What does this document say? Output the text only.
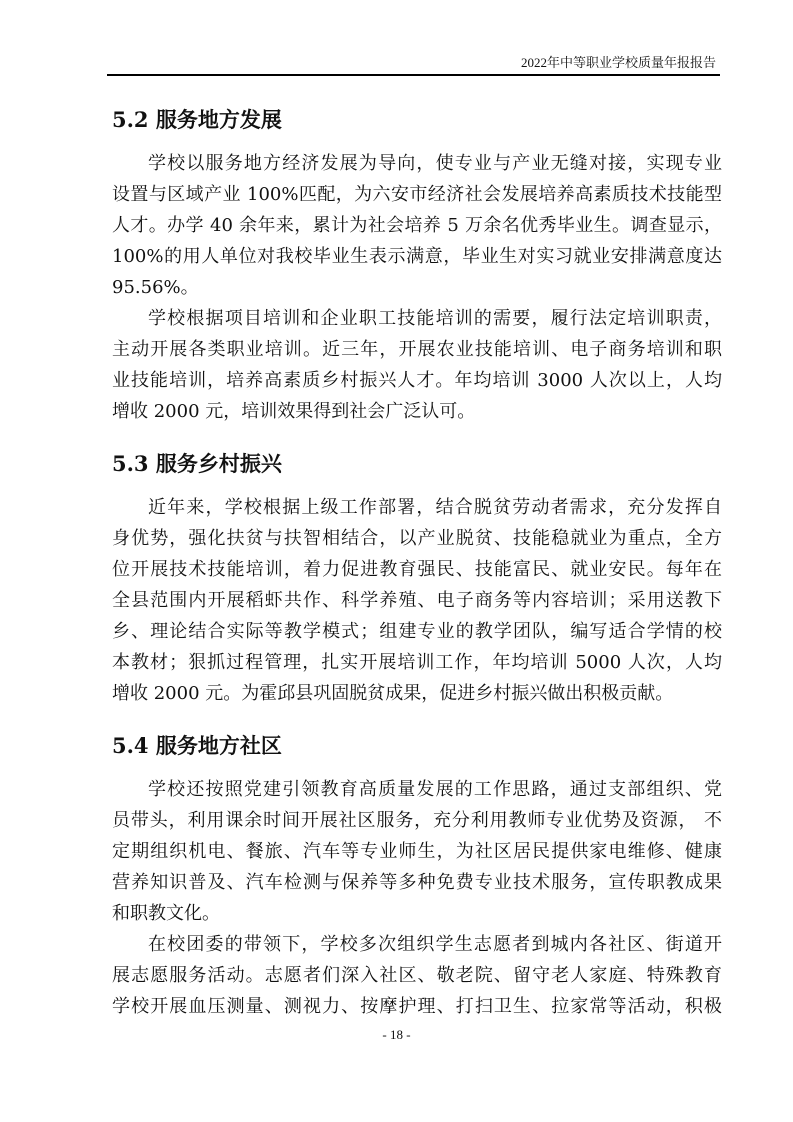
2022年中等职业学校质量年报报告
5.2 服务地方发展
学校以服务地方经济发展为导向，使专业与产业无缝对接，实现专业
设置与区域产业 100%匹配，为六安市经济社会发展培养高素质技术技能型
人才。办学 40 余年来，累计为社会培养 5 万余名优秀毕业生。调查显示，
100%的用人单位对我校毕业生表示满意，毕业生对实习就业安排满意度达
95.56%。
学校根据项目培训和企业职工技能培训的需要，履行法定培训职责，
主动开展各类职业培训。近三年，开展农业技能培训、电子商务培训和职
业技能培训，培养高素质乡村振兴人才。年均培训 3000 人次以上，人均
增收 2000 元，培训效果得到社会广泛认可。
5.3 服务乡村振兴
近年来，学校根据上级工作部署，结合脱贫劳动者需求，充分发挥自
身优势，强化扶贫与扶智相结合，以产业脱贫、技能稳就业为重点，全方
位开展技术技能培训，着力促进教育强民、技能富民、就业安民。每年在
全县范围内开展稻虾共作、科学养殖、电子商务等内容培训；采用送教下
乡、理论结合实际等教学模式；组建专业的教学团队，编写适合学情的校
本教材；狠抓过程管理，扎实开展培训工作，年均培训 5000 人次，人均
增收 2000 元。为霍邱县巩固脱贫成果，促进乡村振兴做出积极贡献。
5.4 服务地方社区
学校还按照党建引领教育高质量发展的工作思路，通过支部组织、党
员带头，利用课余时间开展社区服务，充分利用教师专业优势及资源， 不
定期组织机电、餐旅、汽车等专业师生，为社区居民提供家电维修、健康
营养知识普及、汽车检测与保养等多种免费专业技术服务，宣传职教成果
和职教文化。
在校团委的带领下，学校多次组织学生志愿者到城内各社区、街道开
展志愿服务活动。志愿者们深入社区、敬老院、留守老人家庭、特殊教育
学校开展血压测量、测视力、按摩护理、打扫卫生、拉家常等活动，积极
- 18 -
